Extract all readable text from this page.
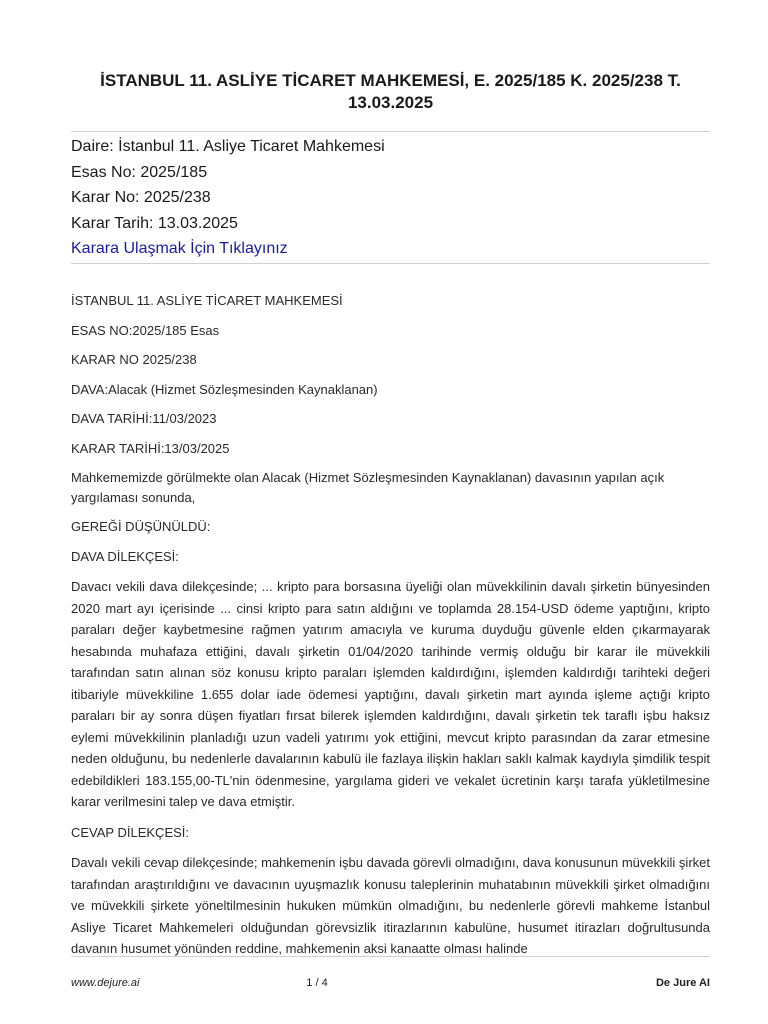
İSTANBUL 11. ASLİYE TİCARET MAHKEMESİ, E. 2025/185 K. 2025/238 T. 13.03.2025
Daire: İstanbul 11. Asliye Ticaret Mahkemesi
Esas No: 2025/185
Karar No: 2025/238
Karar Tarih: 13.03.2025
Karara Ulaşmak İçin Tıklayınız

İSTANBUL 11. ASLİYE TİCARET MAHKEMESİ

ESAS NO:2025/185 Esas

KARAR NO 2025/238

DAVA:Alacak (Hizmet Sözleşmesinden Kaynaklanan)

DAVA TARİHİ:11/03/2023

KARAR TARİHİ:13/03/2025

Mahkememizde görülmekte olan Alacak (Hizmet Sözleşmesinden Kaynaklanan) davasının yapılan açık yargılaması sonunda,

GEREĞİ DÜŞÜNÜLDÜ:

DAVA DİLEKÇESİ:

Davacı vekili dava dilekçesinde; ... kripto para borsasına üyeliği olan müvekkilinin davalı şirketin bünyesinden 2020 mart ayı içerisinde ... cinsi kripto para satın aldığını ve toplamda 28.154-USD ödeme yaptığını, kripto paraları değer kaybetmesine rağmen yatırım amacıyla ve kuruma duyduğu güvenle elden çıkarmayarak hesabında muhafaza ettiğini, davalı şirketin 01/04/2020 tarihinde vermiş olduğu bir karar ile müvekkili tarafından satın alınan söz konusu kripto paraları işlemden kaldırdığını, işlemden kaldırdığı tarihteki değeri itibariyle müvekkiline 1.655 dolar iade ödemesi yaptığını, davalı şirketin mart ayında işleme açtığı kripto paraları bir ay sonra düşen fiyatları fırsat bilerek işlemden kaldırdığını, davalı şirketin tek taraflı işbu haksız eylemi müvekkilinin planladığı uzun vadeli yatırımı yok ettiğini, mevcut kripto parasından da zarar etmesine neden olduğunu, bu nedenlerle davalarının kabulü ile fazlaya ilişkin hakları saklı kalmak kaydıyla şimdilik tespit edebildikleri 183.155,00-TL'nin ödenmesine, yargılama gideri ve vekalet ücretinin karşı tarafa yükletilmesine karar verilmesini talep ve dava etmiştir.

CEVAP DİLEKÇESİ:

Davalı vekili cevap dilekçesinde; mahkemenin işbu davada görevli olmadığını, dava konusunun müvekkili şirket tarafından araştırıldığını ve davacının uyuşmazlık konusu taleplerinin muhatabının müvekkili şirket olmadığını ve müvekkili şirkete yöneltilmesinin hukuken mümkün olmadığını, bu nedenlerle görevli mahkeme İstanbul Asliye Ticaret Mahkemeleri olduğundan görevsizlik itirazlarının kabulüne, husumet itirazları doğrultusunda davanın husumet yönünden reddine, mahkemenin aksi kanaatte olması halinde

www.dejure.ai	1 / 4	De Jure AI
